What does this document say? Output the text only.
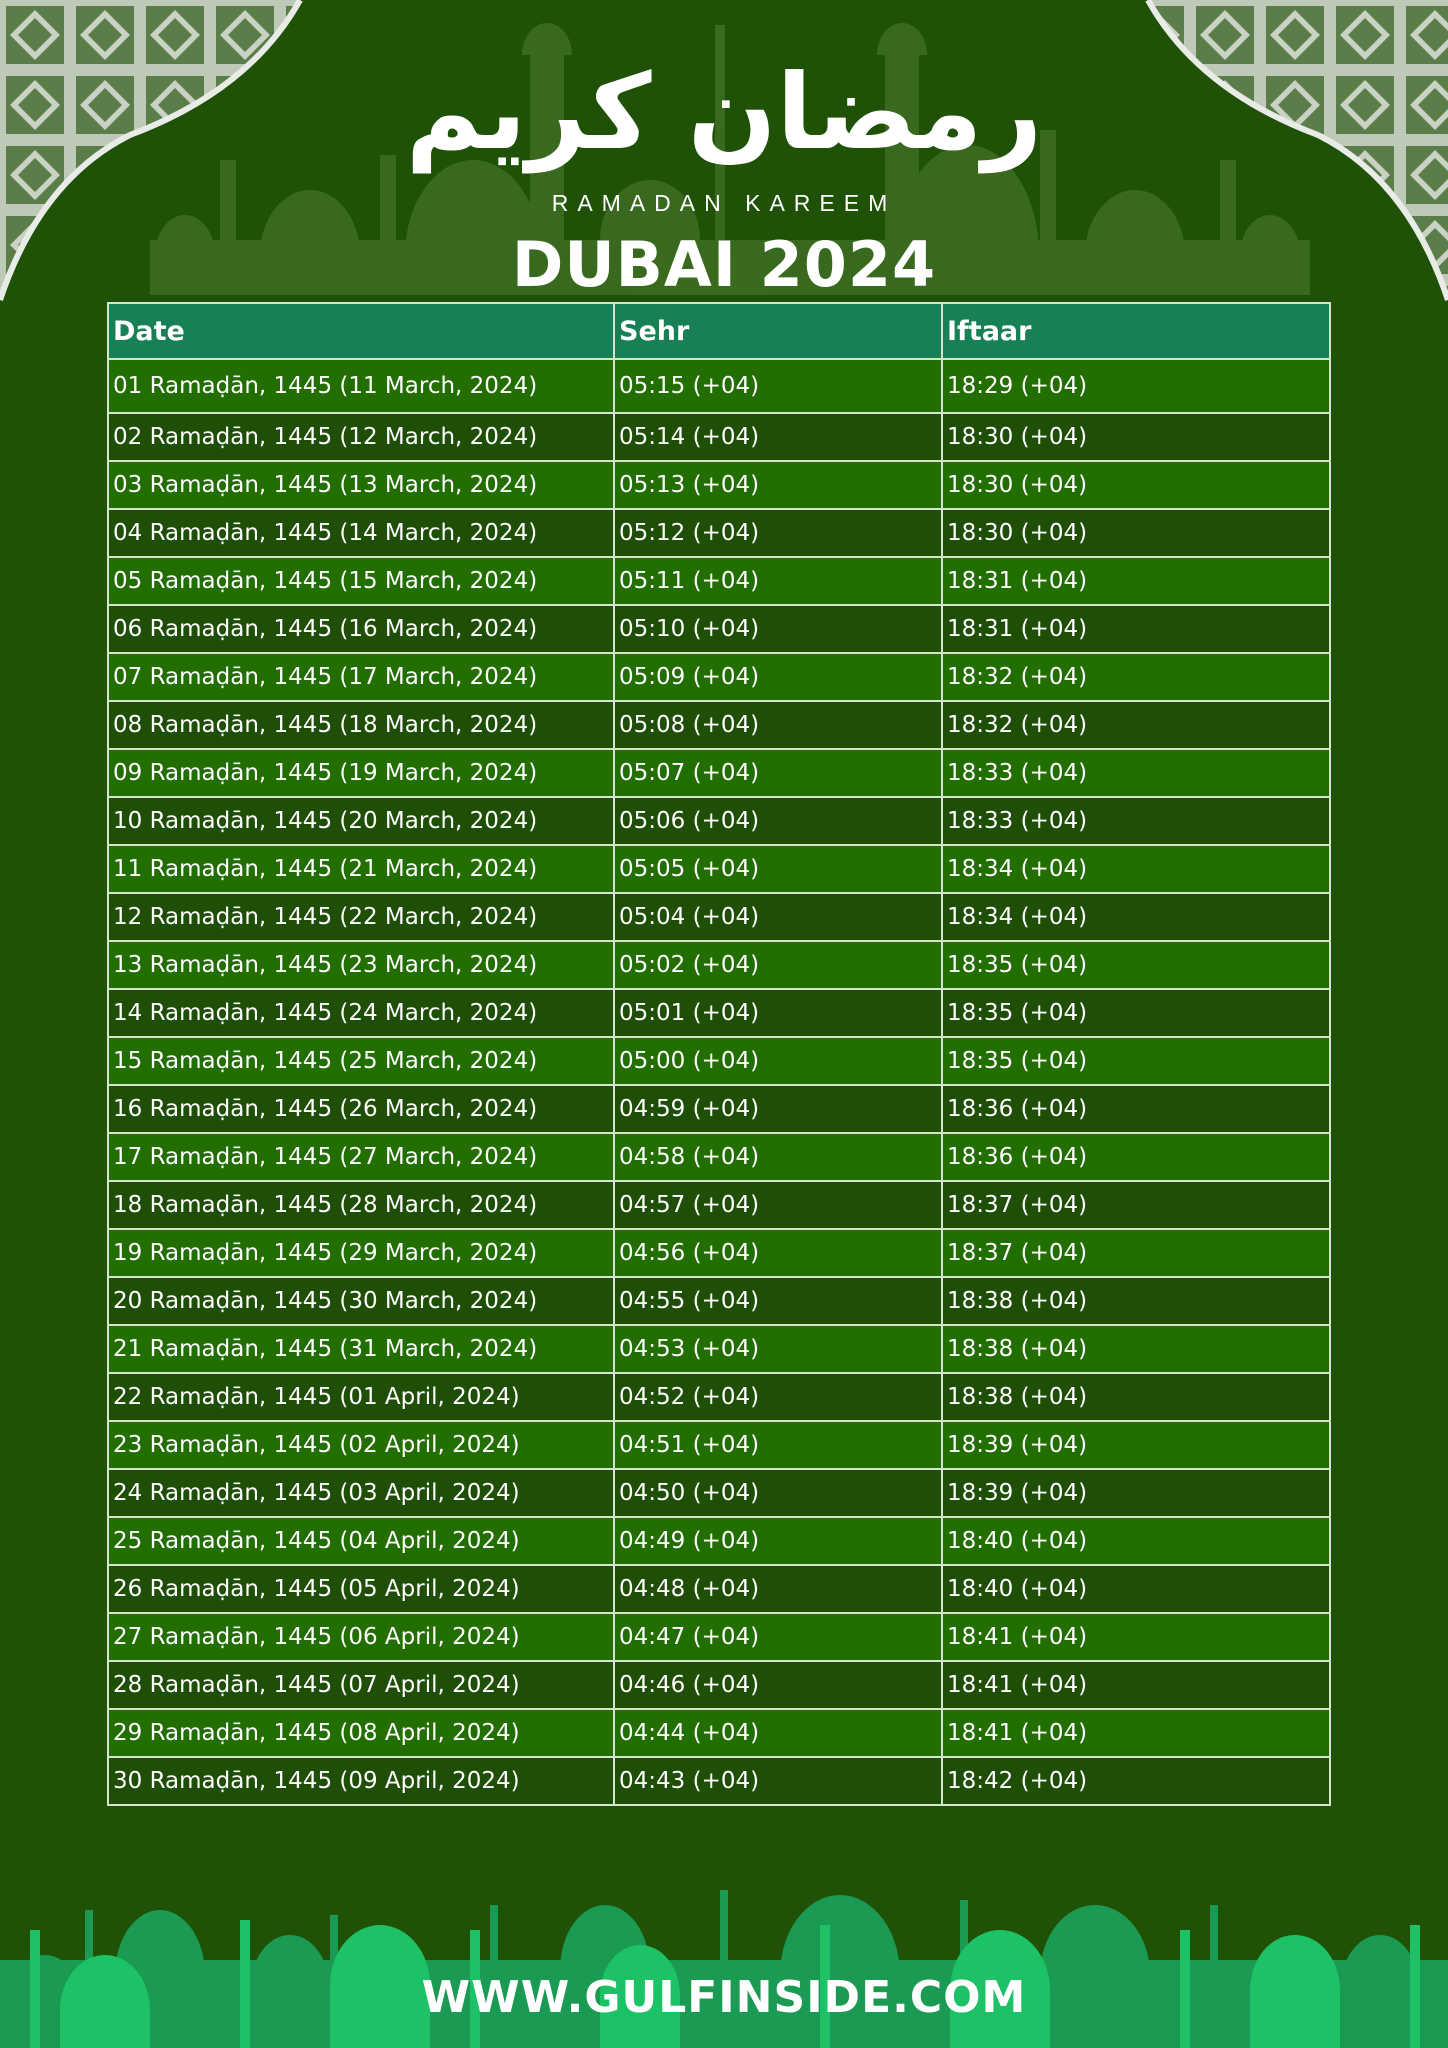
رمضان كريم
RAMADAN KAREEM
DUBAI 2024
Date	Sehr	Iftaar
01 Ramaḍān, 1445 (11 March, 2024)	05:15 (+04)	18:29 (+04)
02 Ramaḍān, 1445 (12 March, 2024)	05:14 (+04)	18:30 (+04)
03 Ramaḍān, 1445 (13 March, 2024)	05:13 (+04)	18:30 (+04)
04 Ramaḍān, 1445 (14 March, 2024)	05:12 (+04)	18:30 (+04)
05 Ramaḍān, 1445 (15 March, 2024)	05:11 (+04)	18:31 (+04)
06 Ramaḍān, 1445 (16 March, 2024)	05:10 (+04)	18:31 (+04)
07 Ramaḍān, 1445 (17 March, 2024)	05:09 (+04)	18:32 (+04)
08 Ramaḍān, 1445 (18 March, 2024)	05:08 (+04)	18:32 (+04)
09 Ramaḍān, 1445 (19 March, 2024)	05:07 (+04)	18:33 (+04)
10 Ramaḍān, 1445 (20 March, 2024)	05:06 (+04)	18:33 (+04)
11 Ramaḍān, 1445 (21 March, 2024)	05:05 (+04)	18:34 (+04)
12 Ramaḍān, 1445 (22 March, 2024)	05:04 (+04)	18:34 (+04)
13 Ramaḍān, 1445 (23 March, 2024)	05:02 (+04)	18:35 (+04)
14 Ramaḍān, 1445 (24 March, 2024)	05:01 (+04)	18:35 (+04)
15 Ramaḍān, 1445 (25 March, 2024)	05:00 (+04)	18:35 (+04)
16 Ramaḍān, 1445 (26 March, 2024)	04:59 (+04)	18:36 (+04)
17 Ramaḍān, 1445 (27 March, 2024)	04:58 (+04)	18:36 (+04)
18 Ramaḍān, 1445 (28 March, 2024)	04:57 (+04)	18:37 (+04)
19 Ramaḍān, 1445 (29 March, 2024)	04:56 (+04)	18:37 (+04)
20 Ramaḍān, 1445 (30 March, 2024)	04:55 (+04)	18:38 (+04)
21 Ramaḍān, 1445 (31 March, 2024)	04:53 (+04)	18:38 (+04)
22 Ramaḍān, 1445 (01 April, 2024)	04:52 (+04)	18:38 (+04)
23 Ramaḍān, 1445 (02 April, 2024)	04:51 (+04)	18:39 (+04)
24 Ramaḍān, 1445 (03 April, 2024)	04:50 (+04)	18:39 (+04)
25 Ramaḍān, 1445 (04 April, 2024)	04:49 (+04)	18:40 (+04)
26 Ramaḍān, 1445 (05 April, 2024)	04:48 (+04)	18:40 (+04)
27 Ramaḍān, 1445 (06 April, 2024)	04:47 (+04)	18:41 (+04)
28 Ramaḍān, 1445 (07 April, 2024)	04:46 (+04)	18:41 (+04)
29 Ramaḍān, 1445 (08 April, 2024)	04:44 (+04)	18:41 (+04)
30 Ramaḍān, 1445 (09 April, 2024)	04:43 (+04)	18:42 (+04)
WWW.GULFINSIDE.COM
